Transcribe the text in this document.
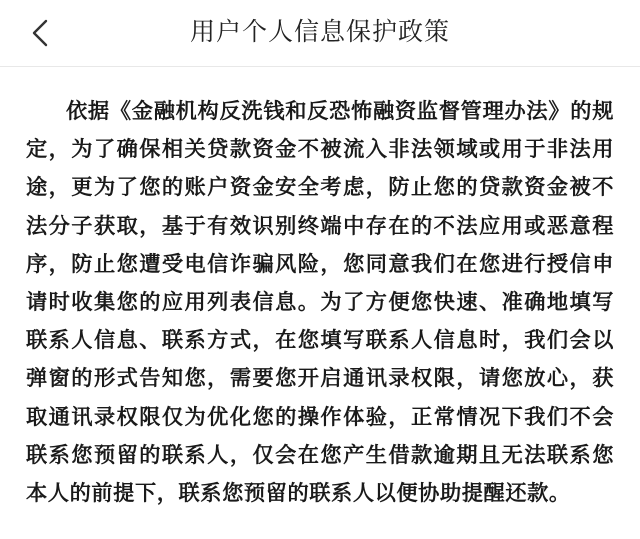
用户个人信息保护政策

依据《金融机构反洗钱和反恐怖融资监督管理办法》的规定，为了确保相关贷款资金不被流入非法领域或用于非法用途，更为了您的账户资金安全考虑，防止您的贷款资金被不法分子获取，基于有效识别终端中存在的不法应用或恶意程序，防止您遭受电信诈骗风险，您同意我们在您进行授信申请时收集您的应用列表信息。为了方便您快速、准确地填写联系人信息、联系方式，在您填写联系人信息时，我们会以弹窗的形式告知您，需要您开启通讯录权限，请您放心，获取通讯录权限仅为优化您的操作体验，正常情况下我们不会联系您预留的联系人，仅会在您产生借款逾期且无法联系您本人的前提下，联系您预留的联系人以便协助提醒还款。
